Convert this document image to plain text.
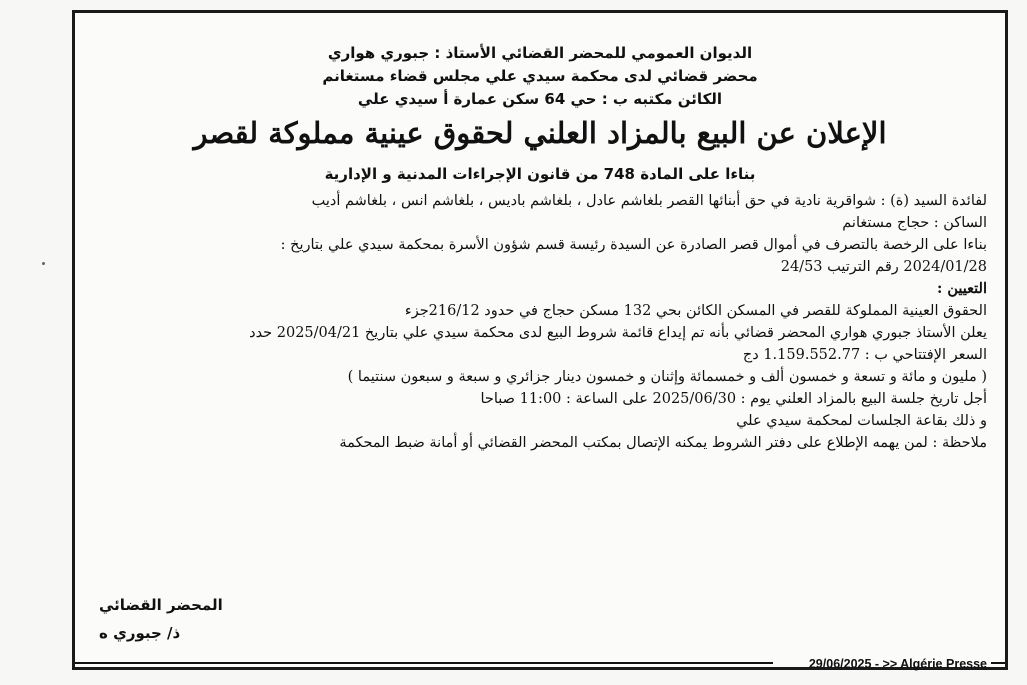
الديوان العمومي للمحضر القضائي الأستاذ : جبوري هواري
محضر قضائي لدى محكمة سيدي علي مجلس قضاء مستغانم
الكائن مكتبه ب : حي 64 سكن عمارة أ سيدي علي
الإعلان عن البيع بالمزاد العلني لحقوق عينية مملوكة لقصر
بناءا على المادة 748 من قانون الإجراءات المدنية و الإدارية
لفائدة السيد (ة) : شواقرية نادية في حق أبنائها القصر بلغاشم عادل ، بلغاشم باديس ، بلغاشم انس ، بلغاشم أديب
الساكن : حجاج مستغانم
بناءا على الرخصة بالتصرف في أموال قصر الصادرة عن السيدة رئيسة قسم شؤون الأسرة بمحكمة سيدي علي بتاريخ :
2024/01/28 رقم الترتيب 24/53
التعيين :
الحقوق العينية المملوكة للقصر في المسكن الكائن بحي 132 مسكن حجاج في حدود 216/12جزء
يعلن الأستاذ جبوري هواري المحضر قضائي بأنه تم إيداع قائمة شروط البيع لدى محكمة سيدي علي بتاريخ 2025/04/21 حدد
السعر الإفتتاحي ب : 1.159.552.77 دج
( مليون و مائة و تسعة و خمسون ألف و خمسمائة وإثنان و خمسون دينار جزائري و سبعة و سبعون سنتيما )
أجل تاريخ جلسة البيع بالمزاد العلني يوم : 2025/06/30 على الساعة : 11:00 صباحا
و ذلك بقاعة الجلسات لمحكمة سيدي علي
ملاحظة : لمن يهمه الإطلاع على دفتر الشروط يمكنه الإتصال بمكتب المحضر القضائي أو أمانة ضبط المحكمة
المحضر القضائي
ذ/ جبوري ه
29/06/2025 - >> Algérie Presse
